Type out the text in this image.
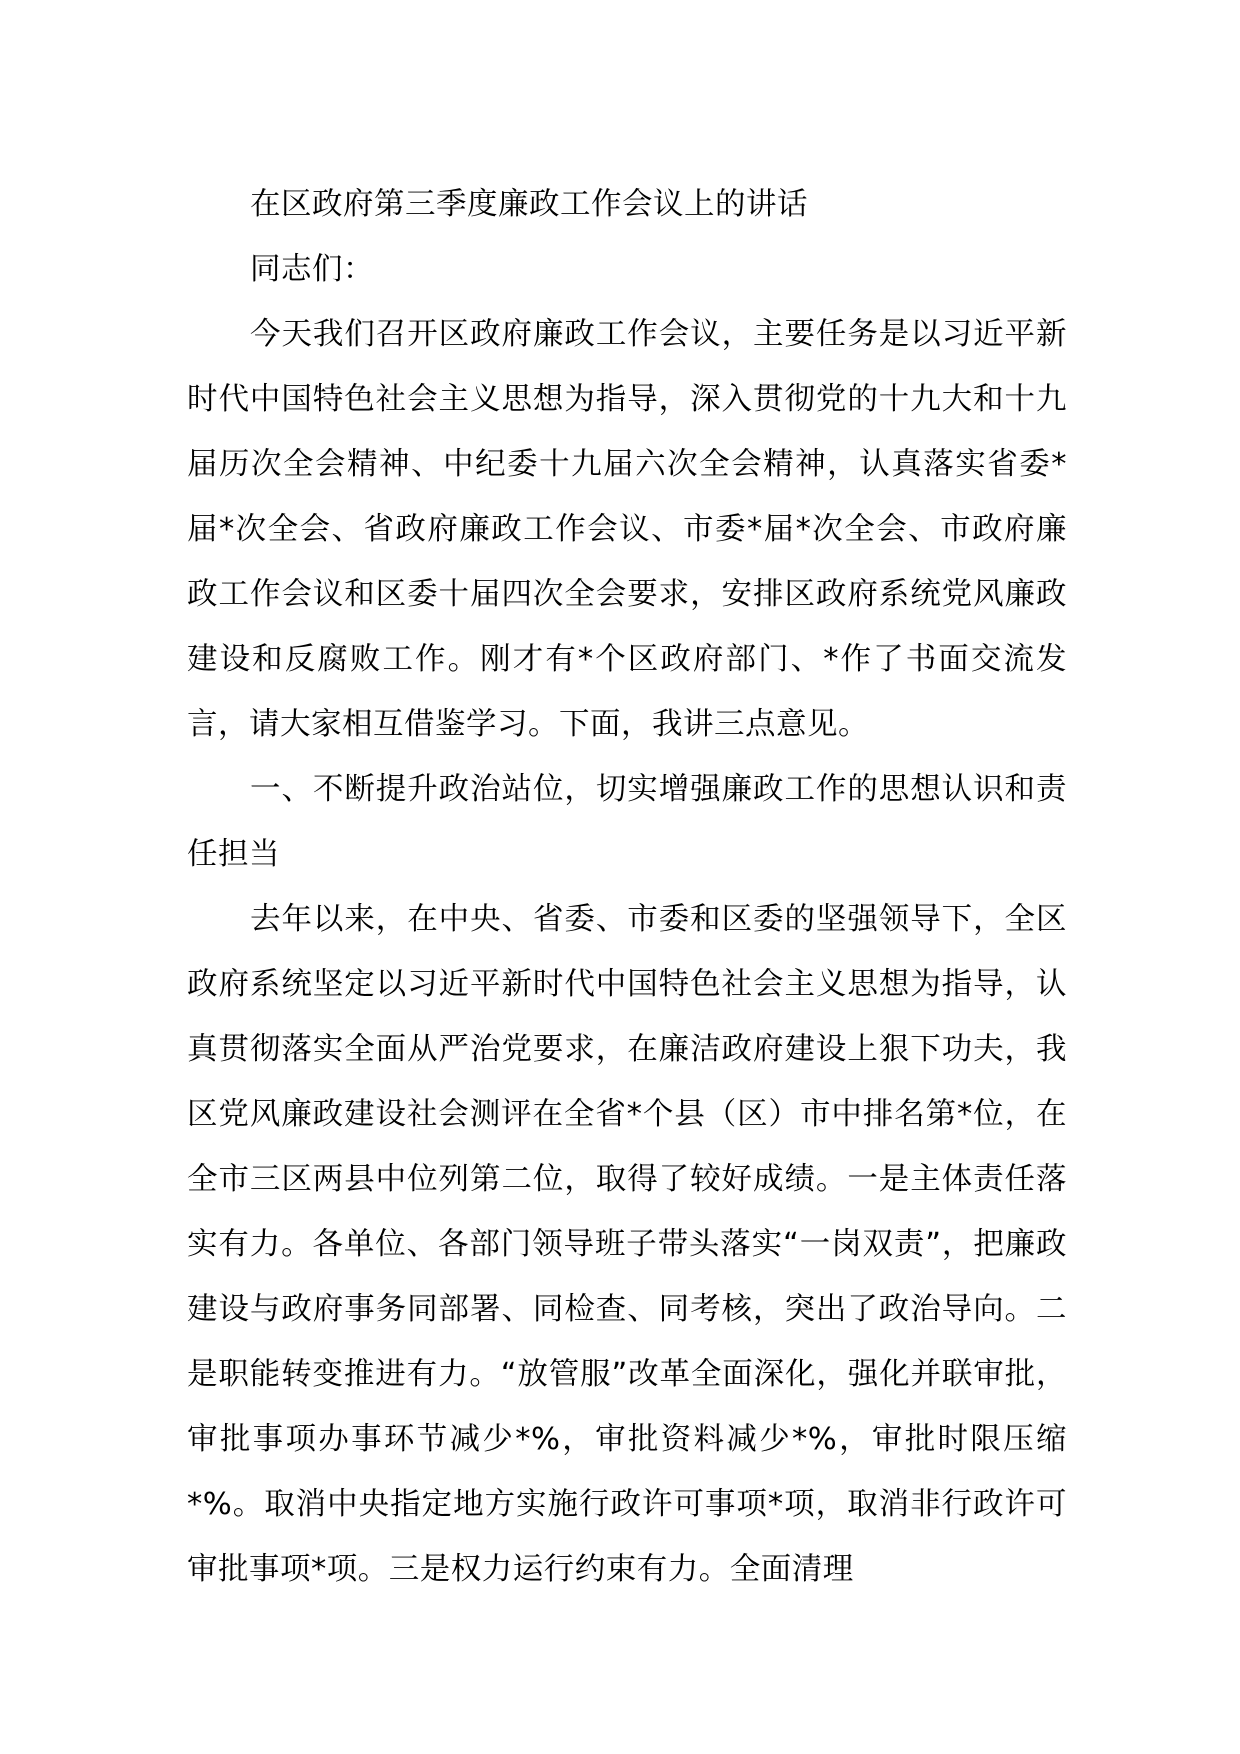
在区政府第三季度廉政工作会议上的讲话

同志们：

今天我们召开区政府廉政工作会议，主要任务是以习近平新时代中国特色社会主义思想为指导，深入贯彻党的十九大和十九届历次全会精神、中纪委十九届六次全会精神，认真落实省委*届*次全会、省政府廉政工作会议、市委*届*次全会、市政府廉政工作会议和区委十届四次全会要求，安排区政府系统党风廉政建设和反腐败工作。刚才有*个区政府部门、*作了书面交流发言，请大家相互借鉴学习。下面，我讲三点意见。

一、不断提升政治站位，切实增强廉政工作的思想认识和责任担当

去年以来，在中央、省委、市委和区委的坚强领导下，全区政府系统坚定以习近平新时代中国特色社会主义思想为指导，认真贯彻落实全面从严治党要求，在廉洁政府建设上狠下功夫，我区党风廉政建设社会测评在全省*个县（区）市中排名第*位，在全市三区两县中位列第二位，取得了较好成绩。一是主体责任落实有力。各单位、各部门领导班子带头落实“一岗双责”，把廉政建设与政府事务同部署、同检查、同考核，突出了政治导向。二是职能转变推进有力。“放管服”改革全面深化，强化并联审批，审批事项办事环节减少*%，审批资料减少*%，审批时限压缩*%。取消中央指定地方实施行政许可事项*项，取消非行政许可审批事项*项。三是权力运行约束有力。全面清理
